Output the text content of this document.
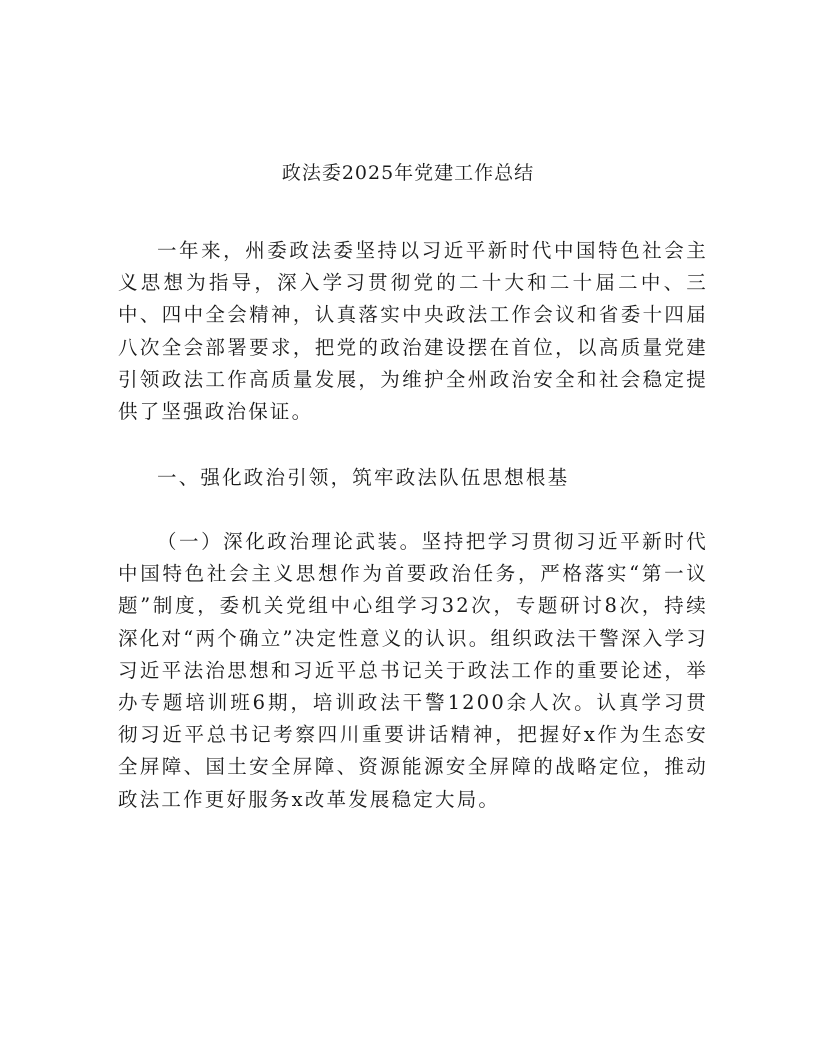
政法委2025年党建工作总结

一年来，州委政法委坚持以习近平新时代中国特色社会主义思想为指导，深入学习贯彻党的二十大和二十届二中、三中、四中全会精神，认真落实中央政法工作会议和省委十四届八次全会部署要求，把党的政治建设摆在首位，以高质量党建引领政法工作高质量发展，为维护全州政治安全和社会稳定提供了坚强政治保证。

一、强化政治引领，筑牢政法队伍思想根基

（一）深化政治理论武装。坚持把学习贯彻习近平新时代中国特色社会主义思想作为首要政治任务，严格落实“第一议题”制度，委机关党组中心组学习32次，专题研讨8次，持续深化对“两个确立”决定性意义的认识。组织政法干警深入学习习近平法治思想和习近平总书记关于政法工作的重要论述，举办专题培训班6期，培训政法干警1200余人次。认真学习贯彻习近平总书记考察四川重要讲话精神，把握好x作为生态安全屏障、国土安全屏障、资源能源安全屏障的战略定位，推动政法工作更好服务x改革发展稳定大局。
